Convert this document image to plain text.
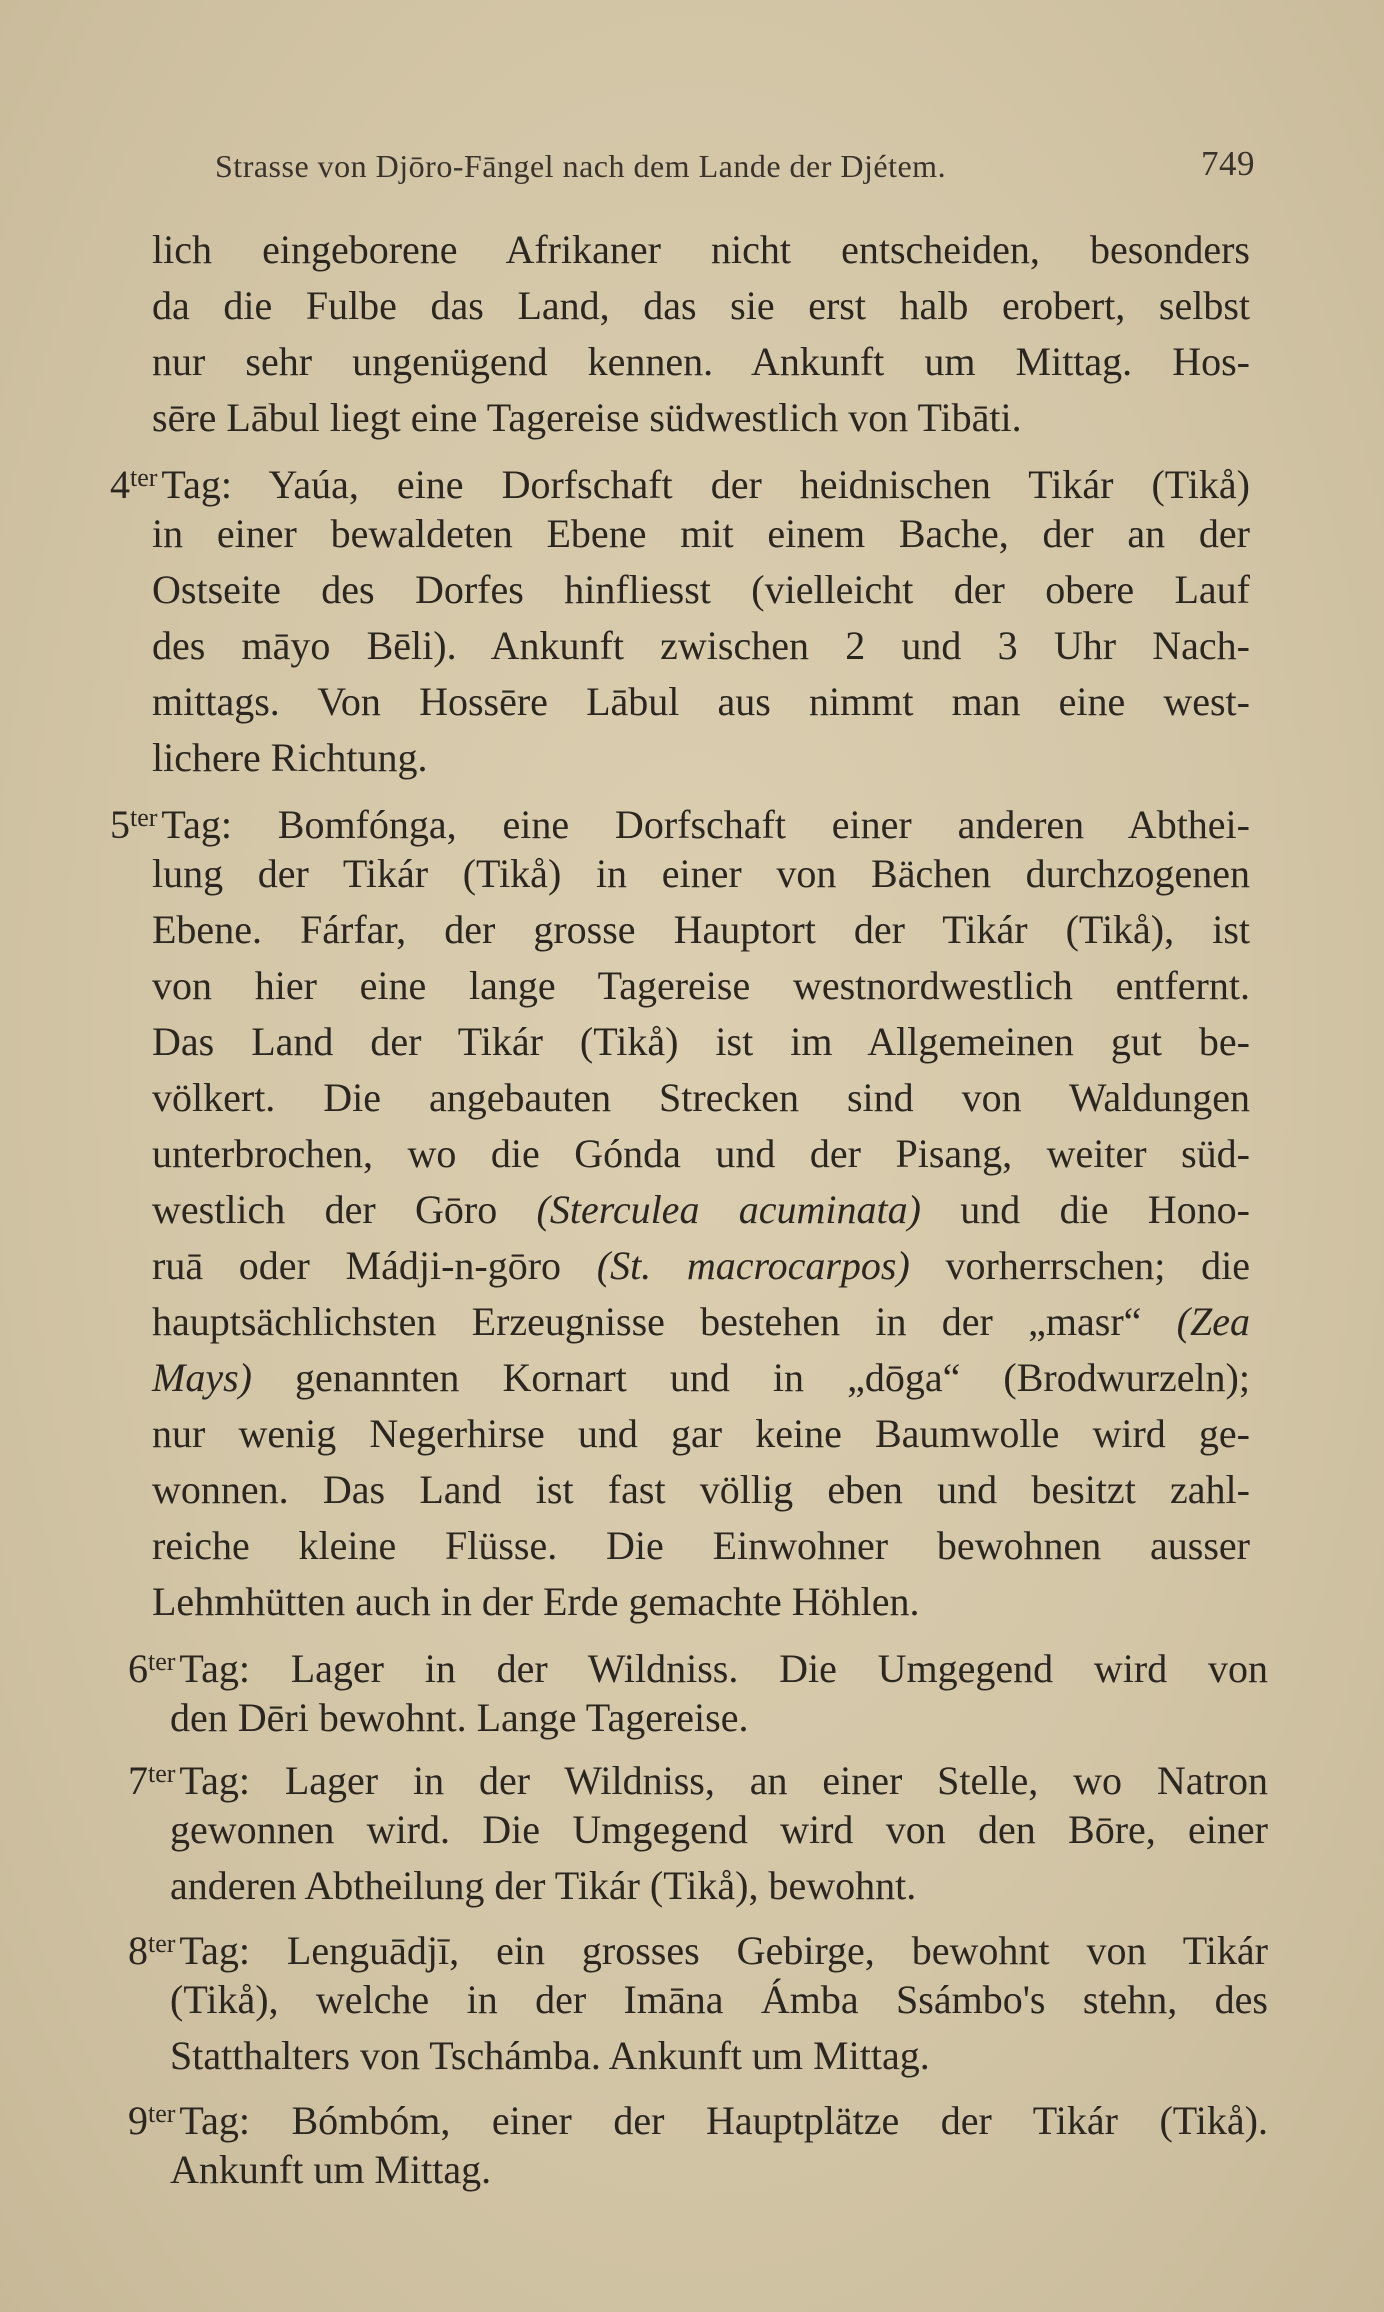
Strasse von Djōro-Fāngel nach dem Lande der Djétem.	749
lich eingeborene Afrikaner nicht entscheiden, besonders
da die Fulbe das Land, das sie erst halb erobert, selbst
nur sehr ungenügend kennen. Ankunft um Mittag. Hos-
sēre Lābul liegt eine Tagereise südwestlich von Tibāti.
$4^{ter}$ Tag: Yaúa, eine Dorfschaft der heidnischen Tikár (Tikå)
in einer bewaldeten Ebene mit einem Bache, der an der
Ostseite des Dorfes hinfliesst (vielleicht der obere Lauf
des māyo Bēli). Ankunft zwischen 2 und 3 Uhr Nach-
mittags. Von Hossēre Lābul aus nimmt man eine west-
lichere Richtung.
$5^{ter}$ Tag: Bomfónga, eine Dorfschaft einer anderen Abthei-
lung der Tikár (Tikå) in einer von Bächen durchzogenen
Ebene. Fárfar, der grosse Hauptort der Tikár (Tikå), ist
von hier eine lange Tagereise westnordwestlich entfernt.
Das Land der Tikár (Tikå) ist im Allgemeinen gut be-
völkert. Die angebauten Strecken sind von Waldungen
unterbrochen, wo die Gónda und der Pisang, weiter süd-
westlich der Gōro (Sterculea acuminata) und die Hono-
ruā oder Mádji-n-gōro (St. macrocarpos) vorherrschen; die
hauptsächlichsten Erzeugnisse bestehen in der „masr“ (Zea
Mays) genannten Kornart und in „dōga“ (Brodwurzeln);
nur wenig Negerhirse und gar keine Baumwolle wird ge-
wonnen. Das Land ist fast völlig eben und besitzt zahl-
reiche kleine Flüsse. Die Einwohner bewohnen ausser
Lehmhütten auch in der Erde gemachte Höhlen.
$6^{ter}$ Tag: Lager in der Wildniss. Die Umgegend wird von
den Dēri bewohnt. Lange Tagereise.
$7^{ter}$ Tag: Lager in der Wildniss, an einer Stelle, wo Natron
gewonnen wird. Die Umgegend wird von den Bōre, einer
anderen Abtheilung der Tikár (Tikå), bewohnt.
$8^{ter}$ Tag: Lenguādjī, ein grosses Gebirge, bewohnt von Tikár
(Tikå), welche in der Imāna Ámba Ssámbo's stehn, des
Statthalters von Tschámba. Ankunft um Mittag.
$9^{ter}$ Tag: Bómbóm, einer der Hauptplätze der Tikár (Tikå).
Ankunft um Mittag.
